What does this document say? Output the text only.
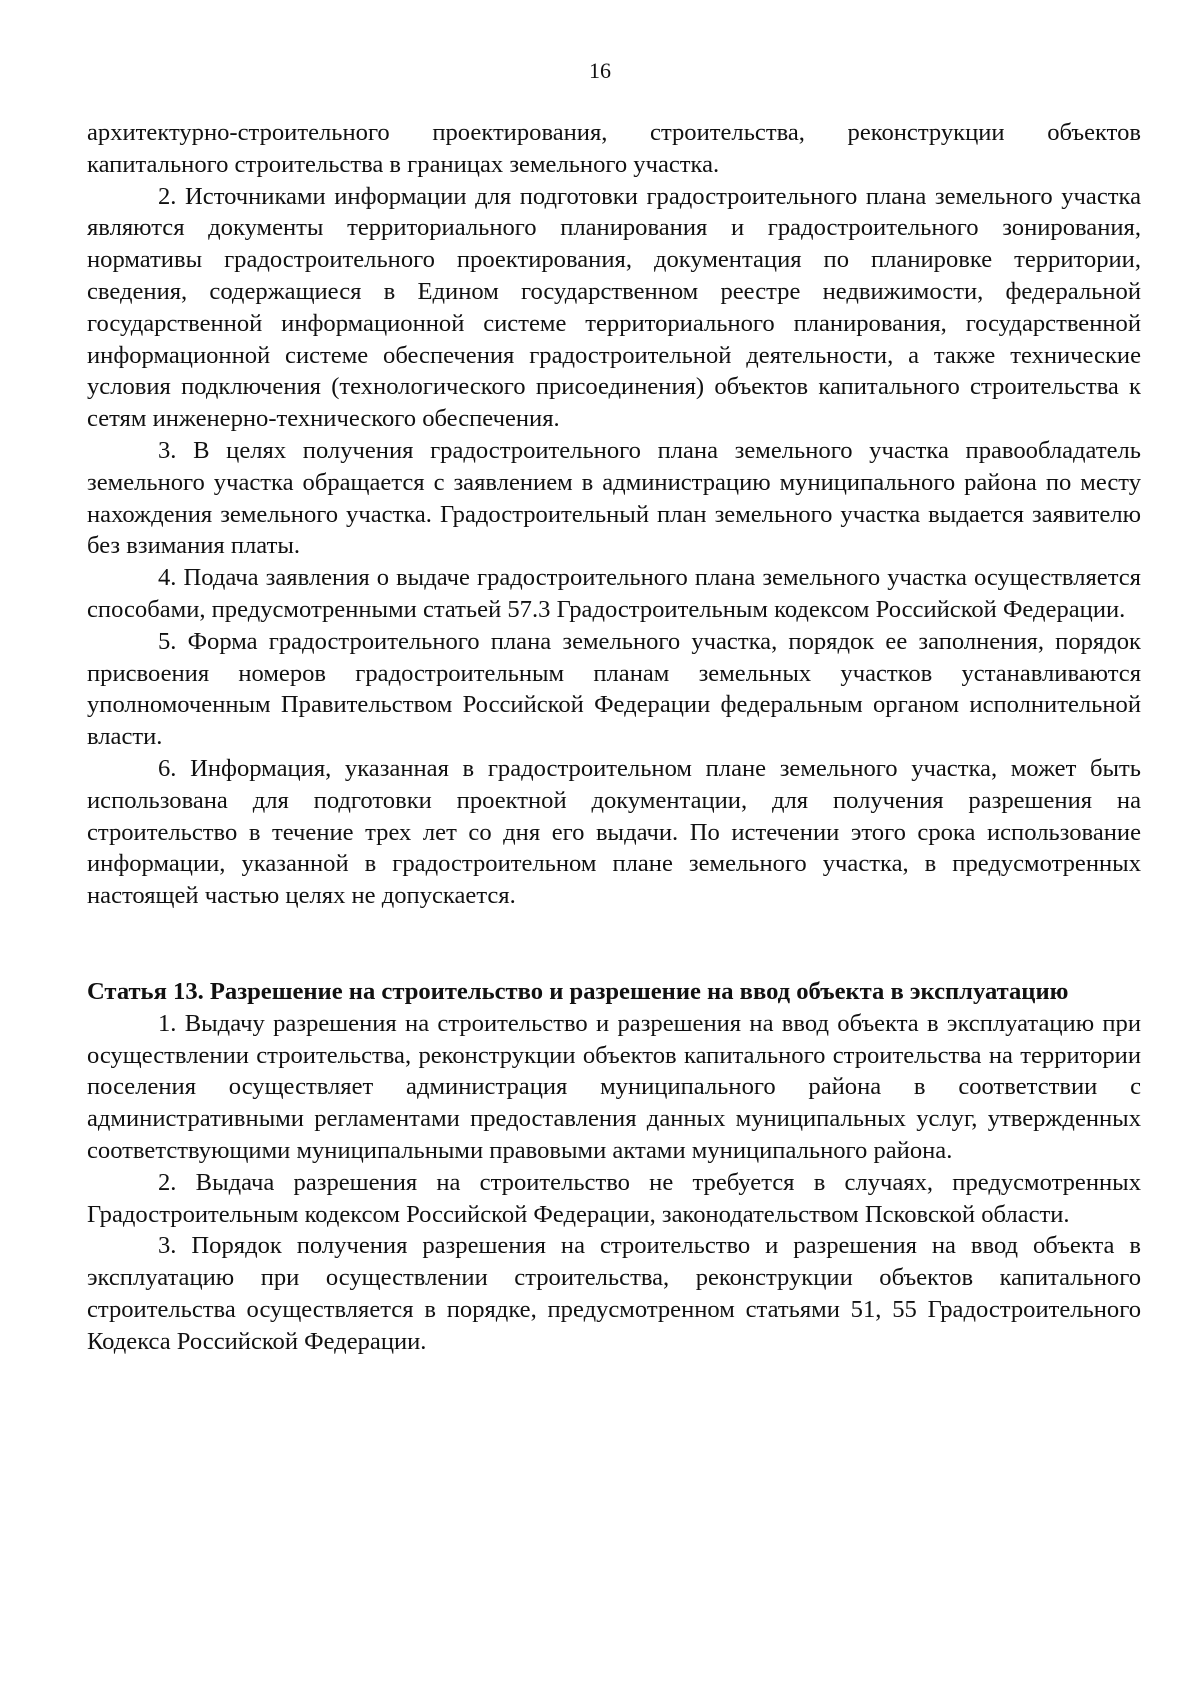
16

архитектурно-строительного проектирования, строительства, реконструкции объектов капитального строительства в границах земельного участка.

2. Источниками информации для подготовки градостроительного плана земельного участка являются документы территориального планирования и градостроительного зонирования, нормативы градостроительного проектирования, документация по планировке территории, сведения, содержащиеся в Едином государственном реестре недвижимости, федеральной государственной информационной системе территориального планирования, государственной информационной системе обеспечения градостроительной деятельности, а также технические условия подключения (технологического присоединения) объектов капитального строительства к сетям инженерно-технического обеспечения.

3. В целях получения градостроительного плана земельного участка правообладатель земельного участка обращается с заявлением в администрацию муниципального района по месту нахождения земельного участка. Градостроительный план земельного участка выдается заявителю без взимания платы.

4. Подача заявления о выдаче градостроительного плана земельного участка осуществляется способами, предусмотренными статьей 57.3 Градостроительным кодексом Российской Федерации.

5. Форма градостроительного плана земельного участка, порядок ее заполнения, порядок присвоения номеров градостроительным планам земельных участков устанавливаются уполномоченным Правительством Российской Федерации федеральным органом исполнительной власти.

6. Информация, указанная в градостроительном плане земельного участка, может быть использована для подготовки проектной документации, для получения разрешения на строительство в течение трех лет со дня его выдачи. По истечении этого срока использование информации, указанной в градостроительном плане земельного участка, в предусмотренных настоящей частью целях не допускается.

Статья 13. Разрешение на строительство и разрешение на ввод объекта в эксплуатацию

1. Выдачу разрешения на строительство и разрешения на ввод объекта в эксплуатацию при осуществлении строительства, реконструкции объектов капитального строительства на территории поселения осуществляет администрация муниципального района в соответствии с административными регламентами предоставления данных муниципальных услуг, утвержденных соответствующими муниципальными правовыми актами муниципального района.

2. Выдача разрешения на строительство не требуется в случаях, предусмотренных Градостроительным кодексом Российской Федерации, законодательством Псковской области.

3. Порядок получения разрешения на строительство и разрешения на ввод объекта в эксплуатацию при осуществлении строительства, реконструкции объектов капитального строительства осуществляется в порядке, предусмотренном статьями 51, 55 Градостроительного Кодекса Российской Федерации.
